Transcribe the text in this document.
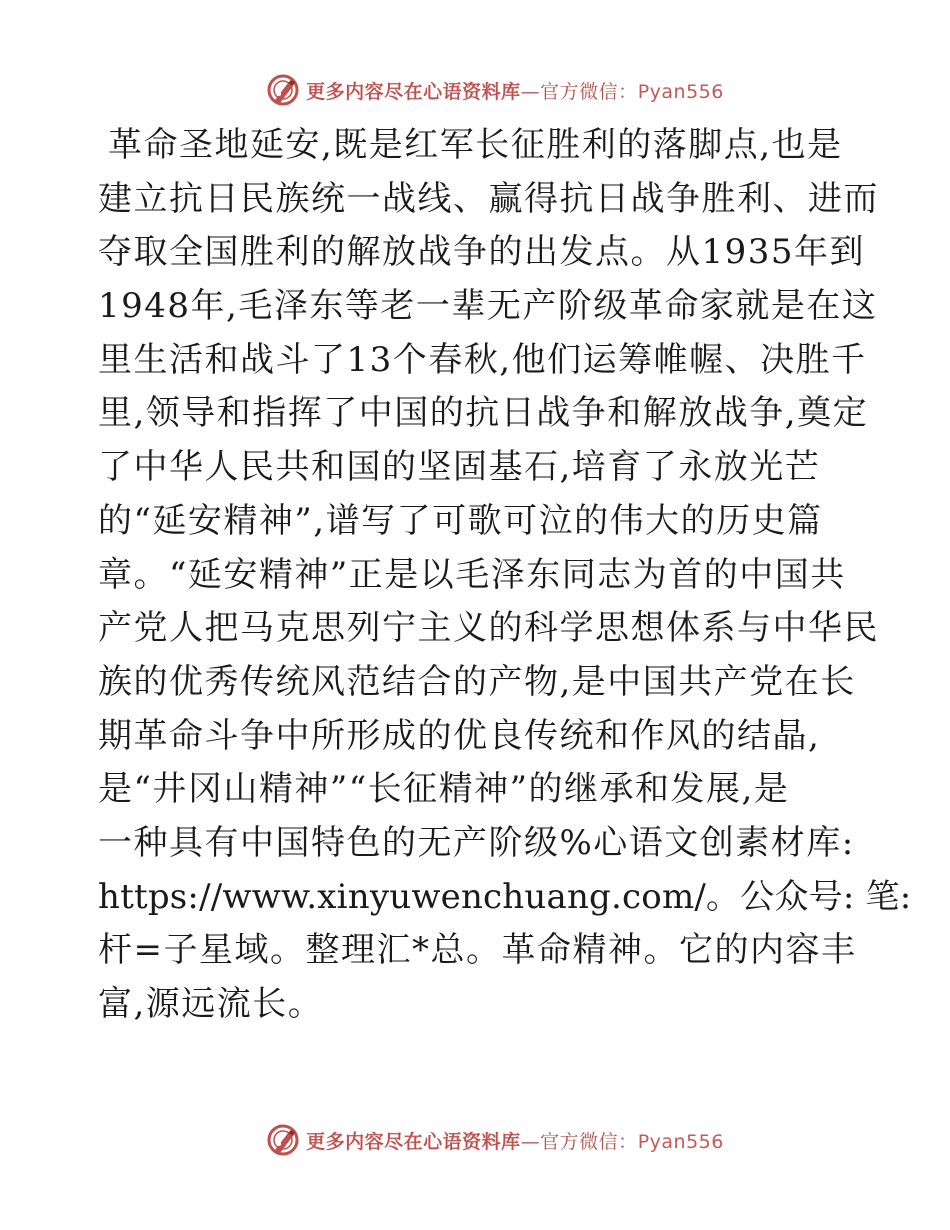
更多内容尽在心语资料库—官方微信：Pyan556
革命圣地延安,既是红军长征胜利的落脚点,也是
建立抗日民族统一战线、赢得抗日战争胜利、进而
夺取全国胜利的解放战争的出发点。从1935年到
1948年,毛泽东等老一辈无产阶级革命家就是在这
里生活和战斗了13个春秋,他们运筹帷幄、决胜千
里,领导和指挥了中国的抗日战争和解放战争,奠定
了中华人民共和国的坚固基石,培育了永放光芒
的“延安精神”,谱写了可歌可泣的伟大的历史篇
章。“延安精神”正是以毛泽东同志为首的中国共
产党人把马克思列宁主义的科学思想体系与中华民
族的优秀传统风范结合的产物,是中国共产党在长
期革命斗争中所形成的优良传统和作风的结晶,
是“井冈山精神”“长征精神”的继承和发展,是
一种具有中国特色的无产阶级%心语文创素材库:
https://www.xinyuwenchuang.com/。公众号: 笔:
杆=子星域。整理汇*总。革命精神。它的内容丰
富,源远流长。
更多内容尽在心语资料库—官方微信：Pyan556
